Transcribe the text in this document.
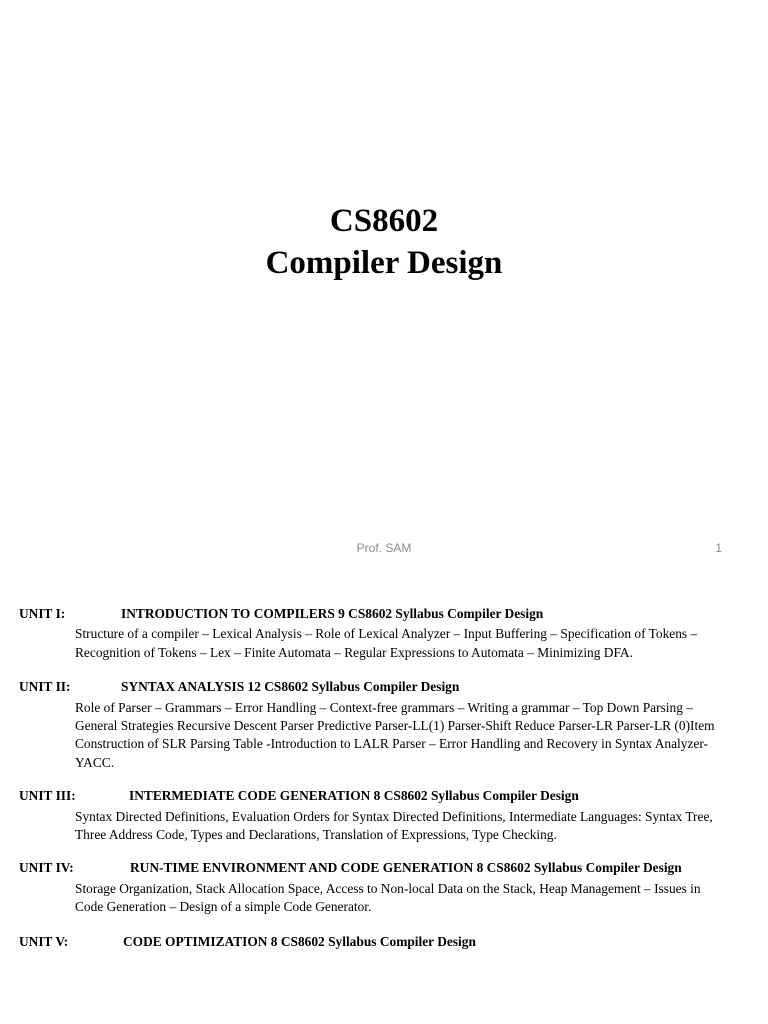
CS8602
Compiler Design
Prof. SAM	1
UNIT I:	INTRODUCTION TO COMPILERS 9 CS8602 Syllabus Compiler Design
Structure of a compiler – Lexical Analysis – Role of Lexical Analyzer – Input Buffering – Specification of Tokens – Recognition of Tokens – Lex – Finite Automata – Regular Expressions to Automata – Minimizing DFA.
UNIT II:	SYNTAX ANALYSIS 12 CS8602 Syllabus Compiler Design
Role of Parser – Grammars – Error Handling – Context-free grammars – Writing a grammar – Top Down Parsing – General Strategies Recursive Descent Parser Predictive Parser-LL(1) Parser-Shift Reduce Parser-LR Parser-LR (0)Item Construction of SLR Parsing Table -Introduction to LALR Parser – Error Handling and Recovery in Syntax Analyzer-YACC.
UNIT III:	INTERMEDIATE CODE GENERATION 8 CS8602 Syllabus Compiler Design
Syntax Directed Definitions, Evaluation Orders for Syntax Directed Definitions, Intermediate Languages: Syntax Tree, Three Address Code, Types and Declarations, Translation of Expressions, Type Checking.
UNIT IV:	RUN-TIME ENVIRONMENT AND CODE GENERATION 8 CS8602 Syllabus Compiler Design
Storage Organization, Stack Allocation Space, Access to Non-local Data on the Stack, Heap Management – Issues in Code Generation – Design of a simple Code Generator.
UNIT V:	CODE OPTIMIZATION 8 CS8602 Syllabus Compiler Design
